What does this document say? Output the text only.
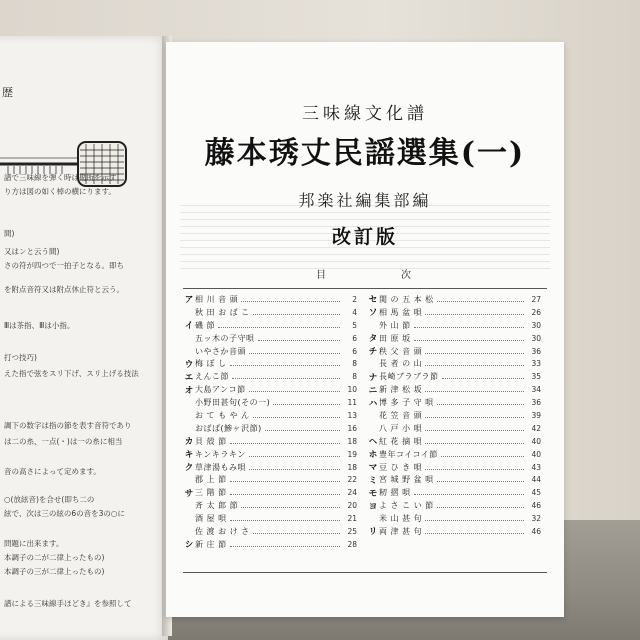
歴
譜で三味線を弾く時は勘所を示す
り方は図の如く棹の横にります。
間)
又はンと云う間)
さの符が四つで一拍子となる。即ち
を附点音符又は附点休止符と云う。
Ⅲは茶指、Ⅲは小指。
打つ技巧)
えた指で弦をスリ下げ、スリ上げる技法
調下の数字は指の節を表す音符であり
は二の糸、一点(・)は一の糸に相当
音の高さによって定めます。
○(放絃音)を合せ(即ち二の
絃で、次は三の絃の6の音を3の○に
問題に出来ます。
本調子の二が二律上ったもの)
本調子の三が二律上ったもの)
譜による三味線手ほどき』を参照して
三味線文化譜
藤本琇丈民謡選集(一)
邦楽社編集部編
改訂版
目	次
ア 相 川 音 頭	2
秋 田 お ば こ	4
イ 磯 節	5
五ッ木の子守唄	6
いやさか音頭	6
ウ 梅 ぼ し	8
エ えんこ節	8
オ 大島アンコ節	10
小野田甚句(その一)	11
お て も や ん	13
おばば(鯵ヶ沢節)	16
カ 貝 殻 節	18
キ キンキラキン	19
ク 草津湯もみ唄	18
郡 上 節	22
サ 三 階 節	24
斉 太 郎 節	20
酒 屋 唄	21
佐 渡 お け さ	25
シ 新 庄 節	28
セ 関 の 五 本 松	27
ソ 相 馬 盆 唄	26
外 山 節	30
タ 田 原 坂	30
チ 秩 父 音 頭	36
長 者 の 山	33
ナ 長崎ブラブラ節	35
ニ 新 津 松 坂	34
ハ 博 多 子 守 唄	36
花 笠 音 頭	39
八 戸 小 唄	42
ヘ 紅 花 摘 唄	40
ホ 豊年コイコイ節	40
マ 豆 ひ き 唄	43
ミ 宮 城 野 盆 唄	44
モ 籾 摺 唄	45
ヨ よ さ こ い 節	46
米 山 甚 句	32
リ 両 津 甚 句	46
